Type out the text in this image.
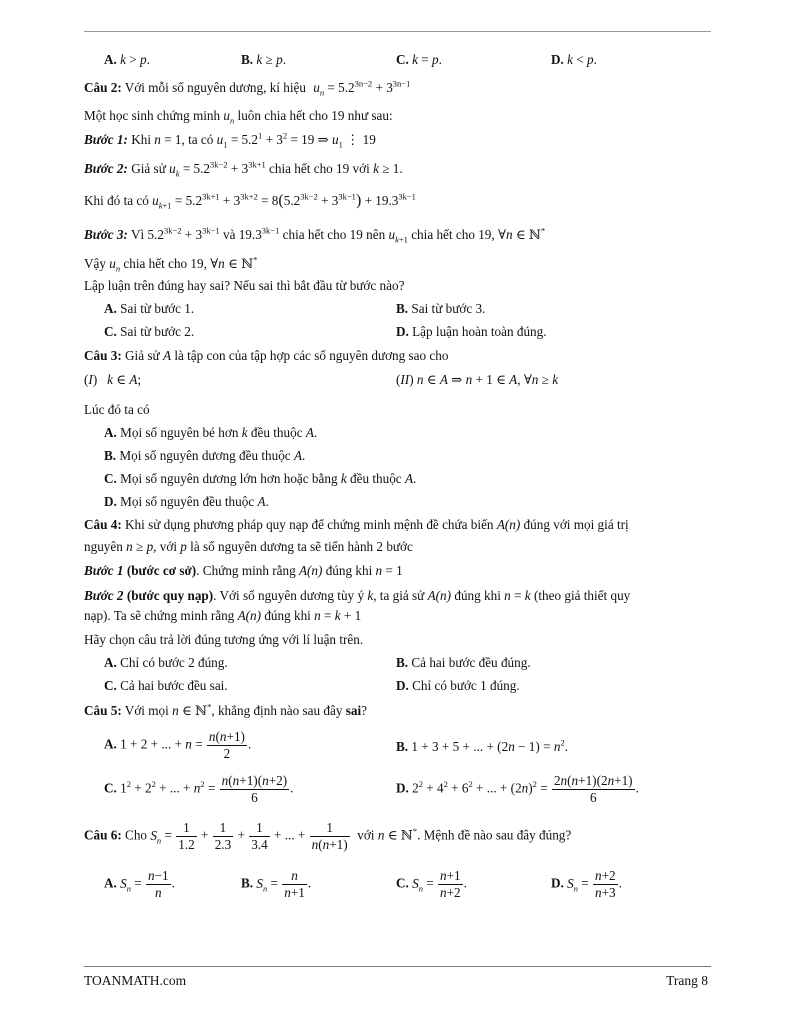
A. k > p.	B. k ≥ p.	C. k = p.	D. k < p.
Câu 2: Với mỗi số nguyên dương, kí hiệu $u_n = 5.2^{3n-2} + 3^{3n-1}$
Một học sinh chứng minh $u_n$ luôn chia hết cho 19 như sau:
Bước 1: Khi n = 1, ta có $u_1 = 5.2^1 + 3^2 = 19$ ⇒ $u_1$ ⋮ 19
Bước 2: Giả sử $u_k = 5.2^{3k-2} + 3^{3k+1}$ chia hết cho 19 với k ≥ 1.
Khi đó ta có $u_{k+1} = 5.2^{3k+1} + 3^{3k+2} = 8(5.2^{3k-2} + 3^{3k-1}) + 19.3^{3k-1}$
Bước 3: Vì $5.2^{3k-2} + 3^{3k-1}$ và $19.3^{3k-1}$ chia hết cho 19 nên $u_{k+1}$ chia hết cho 19, ∀n ∈ ℕ*
Vậy $u_n$ chia hết cho 19, ∀n ∈ ℕ*
Lập luận trên đúng hay sai? Nếu sai thì bắt đầu từ bước nào?
A. Sai từ bước 1.	B. Sai từ bước 3.
C. Sai từ bước 2.	D. Lập luận hoàn toàn đúng.
Câu 3: Giả sử A là tập con của tập hợp các số nguyên dương sao cho
(I)   k ∈ A;	(II) n ∈ A ⇒ n + 1 ∈ A, ∀n ≥ k
Lúc đó ta có
A. Mọi số nguyên bé hơn k đều thuộc A.
B. Mọi số nguyên dương đều thuộc A.
C. Mọi số nguyên dương lớn hơn hoặc bằng k đều thuộc A.
D. Mọi số nguyên đều thuộc A.
Câu 4: Khi sử dụng phương pháp quy nạp để chứng minh mệnh đề chứa biến A(n) đúng với mọi giá trị
nguyên n ≥ p, với p là số nguyên dương ta sẽ tiến hành 2 bước
Bước 1 (bước cơ sở). Chứng minh rằng A(n) đúng khi n = 1
Bước 2 (bước quy nạp). Với số nguyên dương tùy ý k, ta giả sử A(n) đúng khi n = k (theo giả thiết quy
nạp). Ta sẽ chứng minh rằng A(n) đúng khi n = k + 1
Hãy chọn câu trả lời đúng tương ứng với lí luận trên.
A. Chỉ có bước 2 đúng.	B. Cả hai bước đều đúng.
C. Cả hai bước đều sai.	D. Chỉ có bước 1 đúng.
Câu 5: Với mọi n ∈ ℕ*, khẳng định nào sau đây sai?
A. 1 + 2 + ... + $n = \frac{n(n+1)}{2}$ .	B. 1 + 3 + 5 + ... + $(2n - 1) = n^2$.
C. $1^2 + 2^2$ + ... + $n^2 = \frac{n(n+1)(n+2)}{6}$ .	D. $2^2 + 4^2 + 6^2$ + ... + $(2n)^2 = \frac{2n(n+1)(2n+1)}{6}$ .
Câu 6: Cho $S_n = \frac{1}{1.2} + \frac{1}{2.3} + \frac{1}{3.4}$ + ... + $\frac{1}{n(n+1)}$ với n ∈ ℕ*. Mệnh đề nào sau đây đúng?
A. $S_n = \frac{n-1}{n}$ .	B. $S_n = \frac{n}{n+1}$ .	C. $S_n = \frac{n+1}{n+2}$ .	D. $S_n = \frac{n+2}{n+3}$ .
TOANMATH.com	Trang 8
